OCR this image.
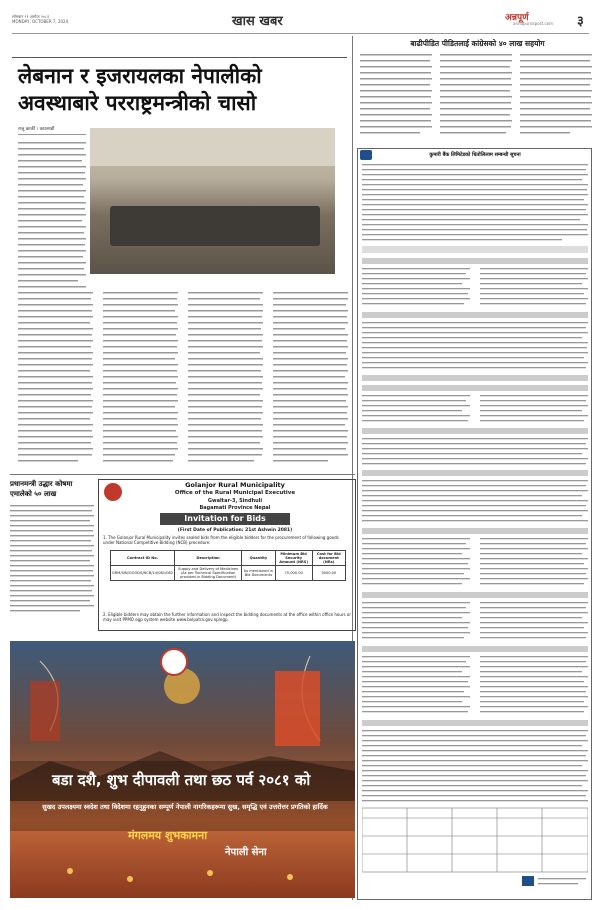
सोमबार २१ असोज २०८१
MONDAY, OCTOBER 7, 2024	खास खबर	अन्नपूर्ण
annapurnapost.com ३
लेबनान र इजरायलका नेपालीको अवस्थाबारे परराष्ट्रमन्त्रीको चासो
राजु कार्की । काठमाडौं
बाढीपीडित पीडितलाई कांग्रेसको ४० लाख सहयोग
कुमारी बैंक लिमिटेडको धितोलिलाम सम्बन्धी सूचना
प्रधानमन्त्री उद्धार कोषमा एमालेको ५० लाख
Golanjor Rural Municipality
Office of the Rural Municipal Executive
Gwaltar-3, Sindhuli
Bagamati Province Nepal
Invitation for Bids
(First Date of Publication: 21st Ashwin 2081)
1. The Golanjor Rural Municipality invites sealed bids from the eligible bidders for the procurement of following goods under National Competitive Bidding (NCB) procedure:
Contract ID No.	Description	Quantity	Minimum Bid Security Amount (NRS)	Cost for Bid document (NRs)
GRM/SIN/GOODS/NCB/14/081/082	Supply and Delivery of Medicines (As per Technical Specification provided in Bidding Document)	As mentioned in Bid Documents	70,000.00	3000.00
2. Eligible bidders may obtain the further information and inspect the bidding documents at the office within office hours or may visit PPMO egp system website www.bolpatra.gov.np/egp.
बडा दशै, शुभ दीपावली तथा छठ पर्व २०८१ को
सुखद उपलक्ष्यमा स्वदेश तथा विदेशमा रहनुहुनका सम्पूर्ण नेपाली नागरिकहरूमा सुख, समृद्धि एवं उत्तरोत्तर प्रगतिको हार्दिक
मंगलमय शुभकामना
नेपाली सेना
